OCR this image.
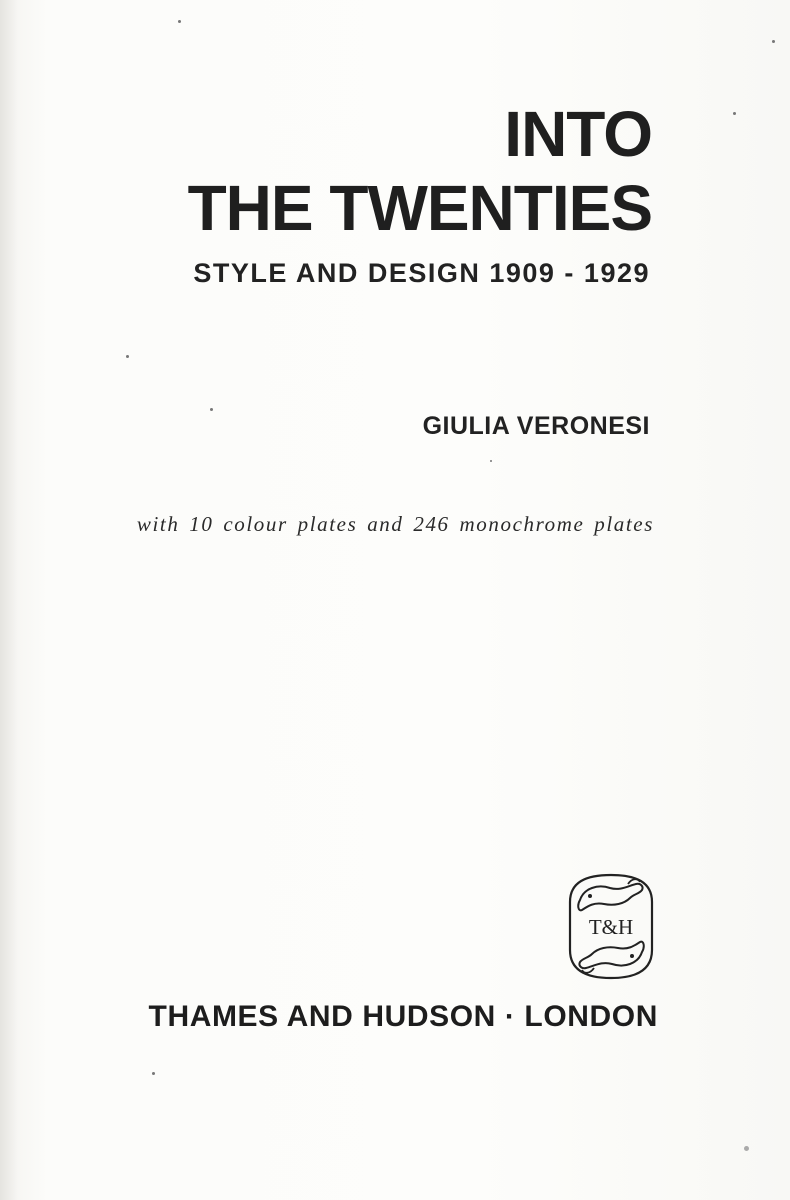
INTO
THE TWENTIES
STYLE AND DESIGN 1909 - 1929
GIULIA VERONESI
with 10 colour plates and 246 monochrome plates
T&H
THAMES AND HUDSON · LONDON
